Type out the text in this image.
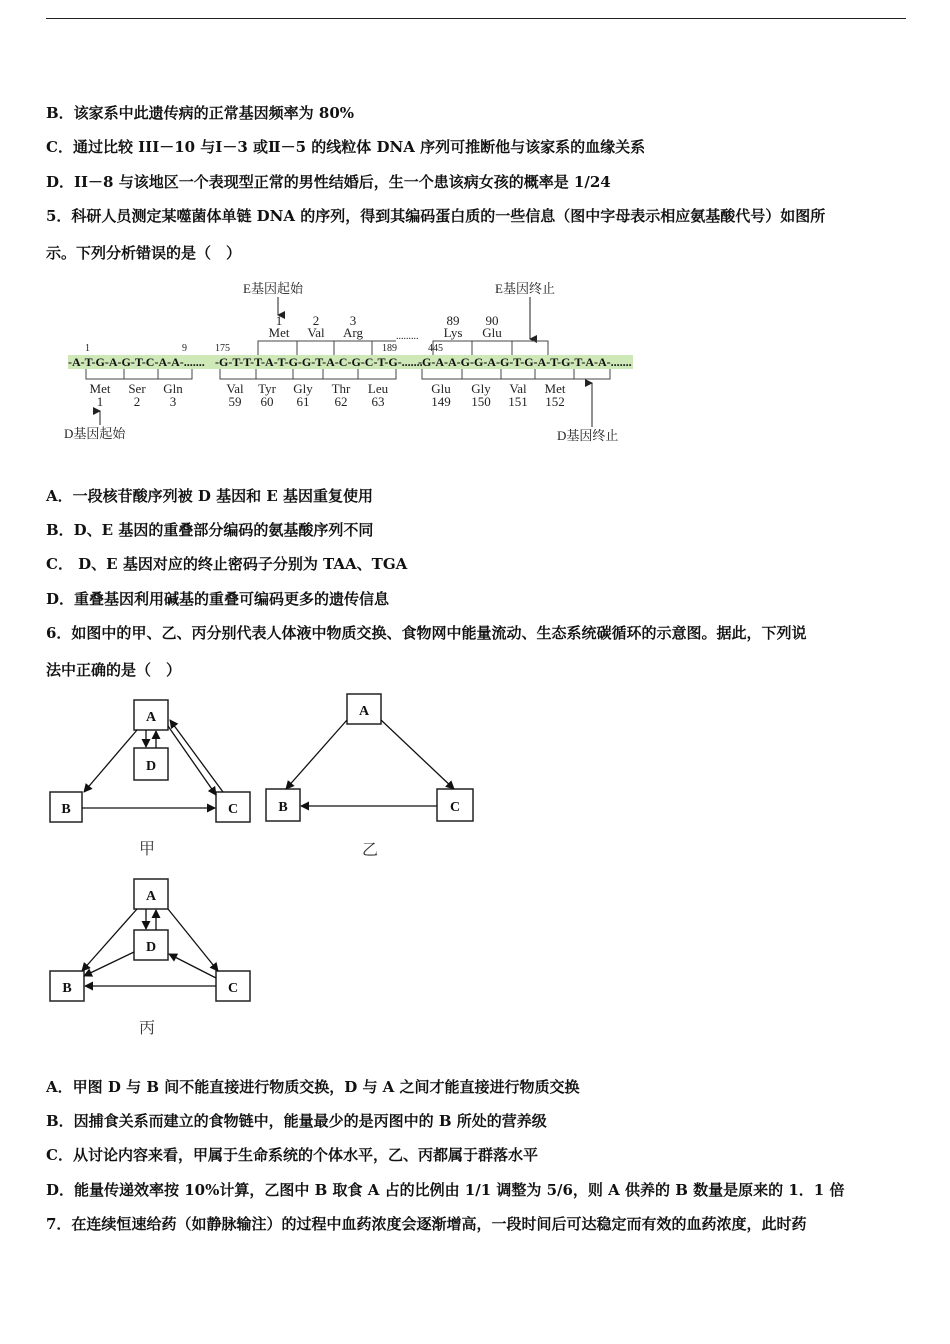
B．该家系中此遗传病的正常基因频率为 80%
C．通过比较 III－10 与Ⅰ－3 或Ⅱ－5 的线粒体 DNA 序列可推断他与该家系的血缘关系
D．II－8 与该地区一个表现型正常的男性结婚后，生一个患该病女孩的概率是 1/24
5．科研人员测定某噬菌体单链 DNA 的序列，得到其编码蛋白质的一些信息（图中字母表示相应氨基酸代号）如图所
示。下列分析错误的是（　）
E基因起始	E基因终止
1
Met
2
Val
3
Arg
89
Lys
90
Glu
.........
1	9	175	189	445
-A-T-G-A-G-T-C-A-A-....... -G-T-T-T-A-T-G-G-T-A-C-G-C-T-G-.......
-G-A-A-G-G-A-G-T-G-A-T-G-T-A-A-.......
Met
1
Ser
2
Gln
3
Val
59
Tyr
60
Gly
61
Thr
62
Leu
63
Glu
149
Gly
150
Val
151
Met
152
D基因起始	D基因终止
A．一段核苷酸序列被 D 基因和 E 基因重复使用
B．D、E 基因的重叠部分编码的氨基酸序列不同
C． D、E 基因对应的终止密码子分别为 TAA、TGA
D．重叠基因利用碱基的重叠可编码更多的遗传信息
6．如图中的甲、乙、丙分别代表人体液中物质交换、食物网中能量流动、生态系统碳循环的示意图。据此，下列说
法中正确的是（　）
A
D
B	C
甲
A
B	C
乙
A
D
B	C
丙
A．甲图 D 与 B 间不能直接进行物质交换，D 与 A 之间才能直接进行物质交换
B．因捕食关系而建立的食物链中，能量最少的是丙图中的 B 所处的营养级
C．从讨论内容来看，甲属于生命系统的个体水平，乙、丙都属于群落水平
D．能量传递效率按 10%计算，乙图中 B 取食 A 占的比例由 1/1 调整为 5/6，则 A 供养的 B 数量是原来的 1．1 倍
7．在连续恒速给药（如静脉输注）的过程中血药浓度会逐渐增高，一段时间后可达稳定而有效的血药浓度，此时药
